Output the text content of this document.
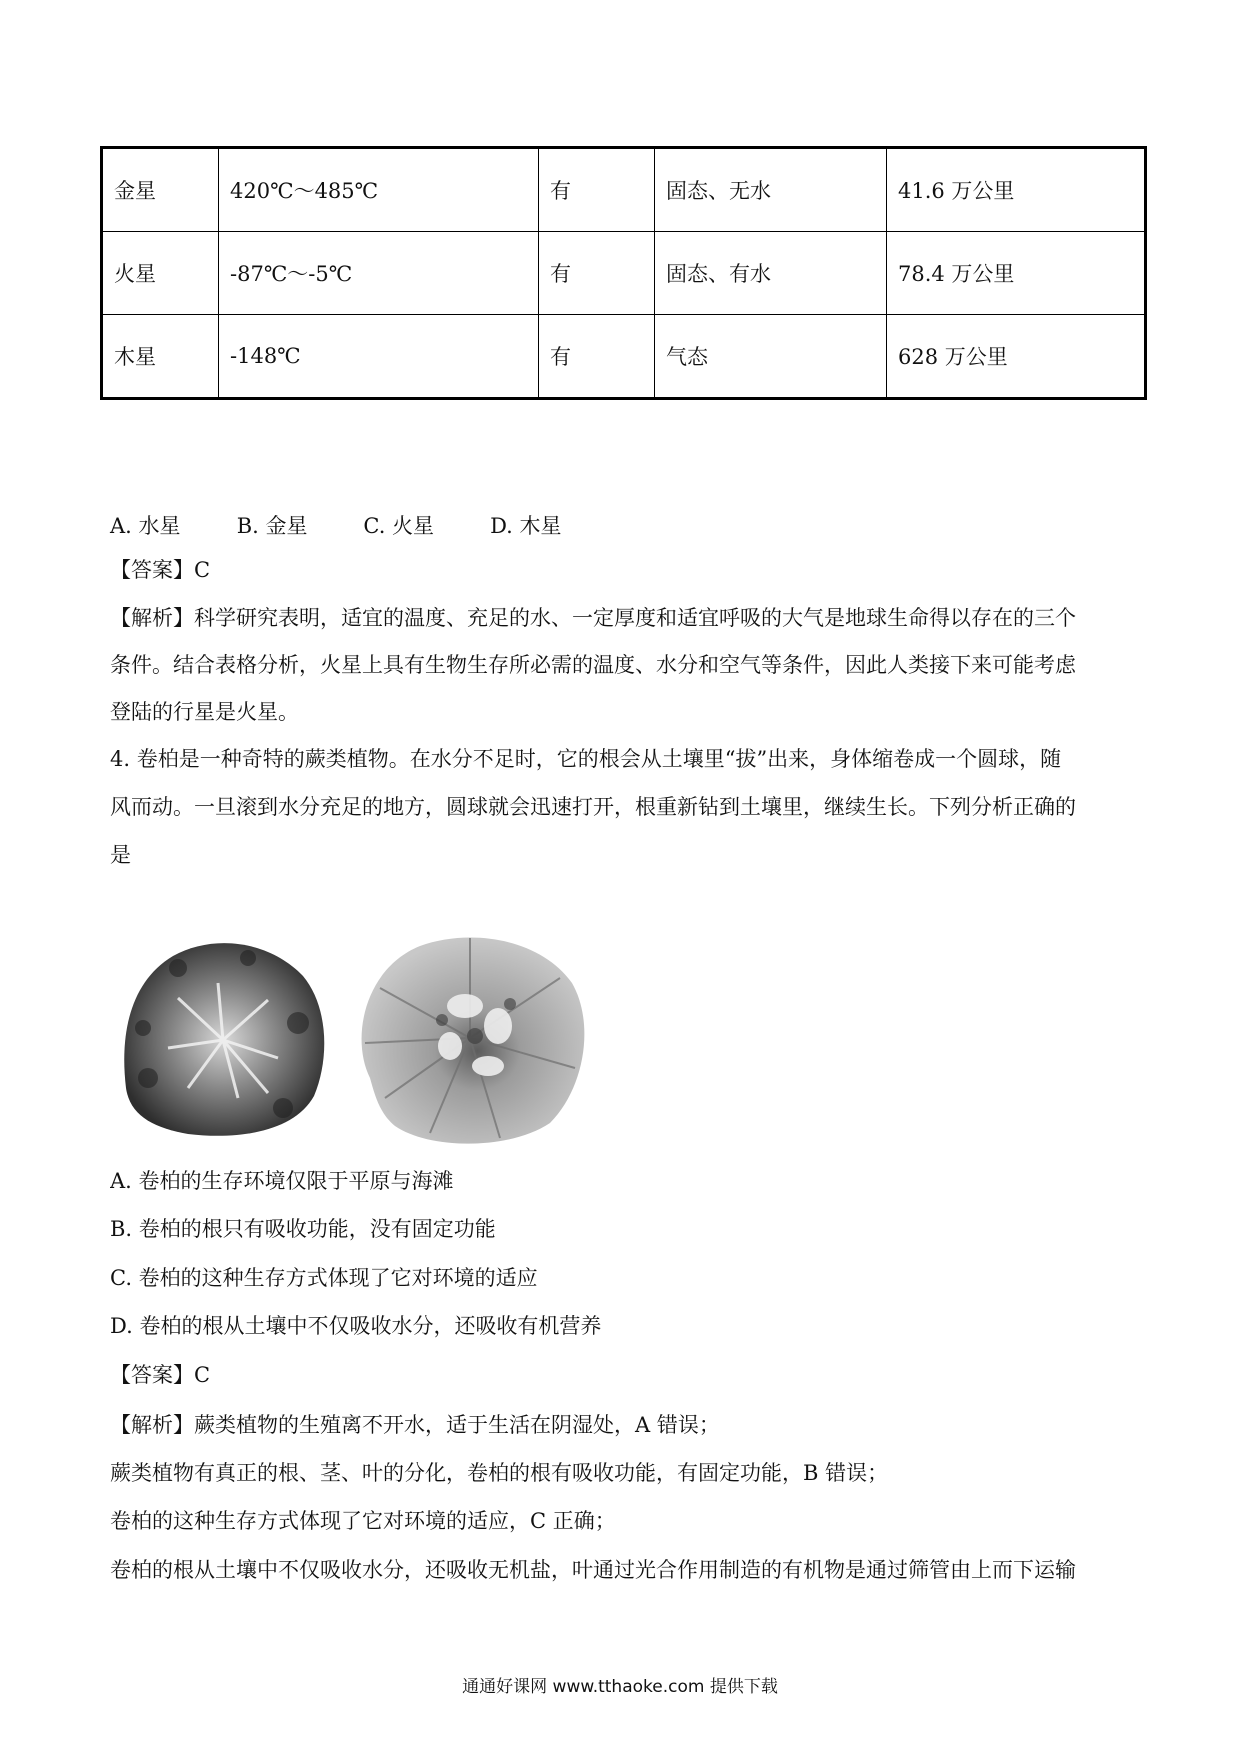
金星	420℃～485℃	有	固态、无水	41.6 万公里
火星	-87℃～-5℃	有	固态、有水	78.4 万公里
木星	-148℃	有	气态	628 万公里
A. 水星	B. 金星	C. 火星	D. 木星
【答案】C
【解析】科学研究表明，适宜的温度、充足的水、一定厚度和适宜呼吸的大气是地球生命得以存在的三个
条件。结合表格分析，火星上具有生物生存所必需的温度、水分和空气等条件，因此人类接下来可能考虑
登陆的行星是火星。
4. 卷柏是一种奇特的蕨类植物。在水分不足时，它的根会从土壤里“拔”出来，身体缩卷成一个圆球，随
风而动。一旦滚到水分充足的地方，圆球就会迅速打开，根重新钻到土壤里，继续生长。下列分析正确的
是
A. 卷柏的生存环境仅限于平原与海滩
B. 卷柏的根只有吸收功能，没有固定功能
C. 卷柏的这种生存方式体现了它对环境的适应
D. 卷柏的根从土壤中不仅吸收水分，还吸收有机营养
【答案】C
【解析】蕨类植物的生殖离不开水，适于生活在阴湿处，A 错误；
蕨类植物有真正的根、茎、叶的分化，卷柏的根有吸收功能，有固定功能，B 错误；
卷柏的这种生存方式体现了它对环境的适应，C 正确；
卷柏的根从土壤中不仅吸收水分，还吸收无机盐，叶通过光合作用制造的有机物是通过筛管由上而下运输
通通好课网 www.tthaoke.com 提供下载
